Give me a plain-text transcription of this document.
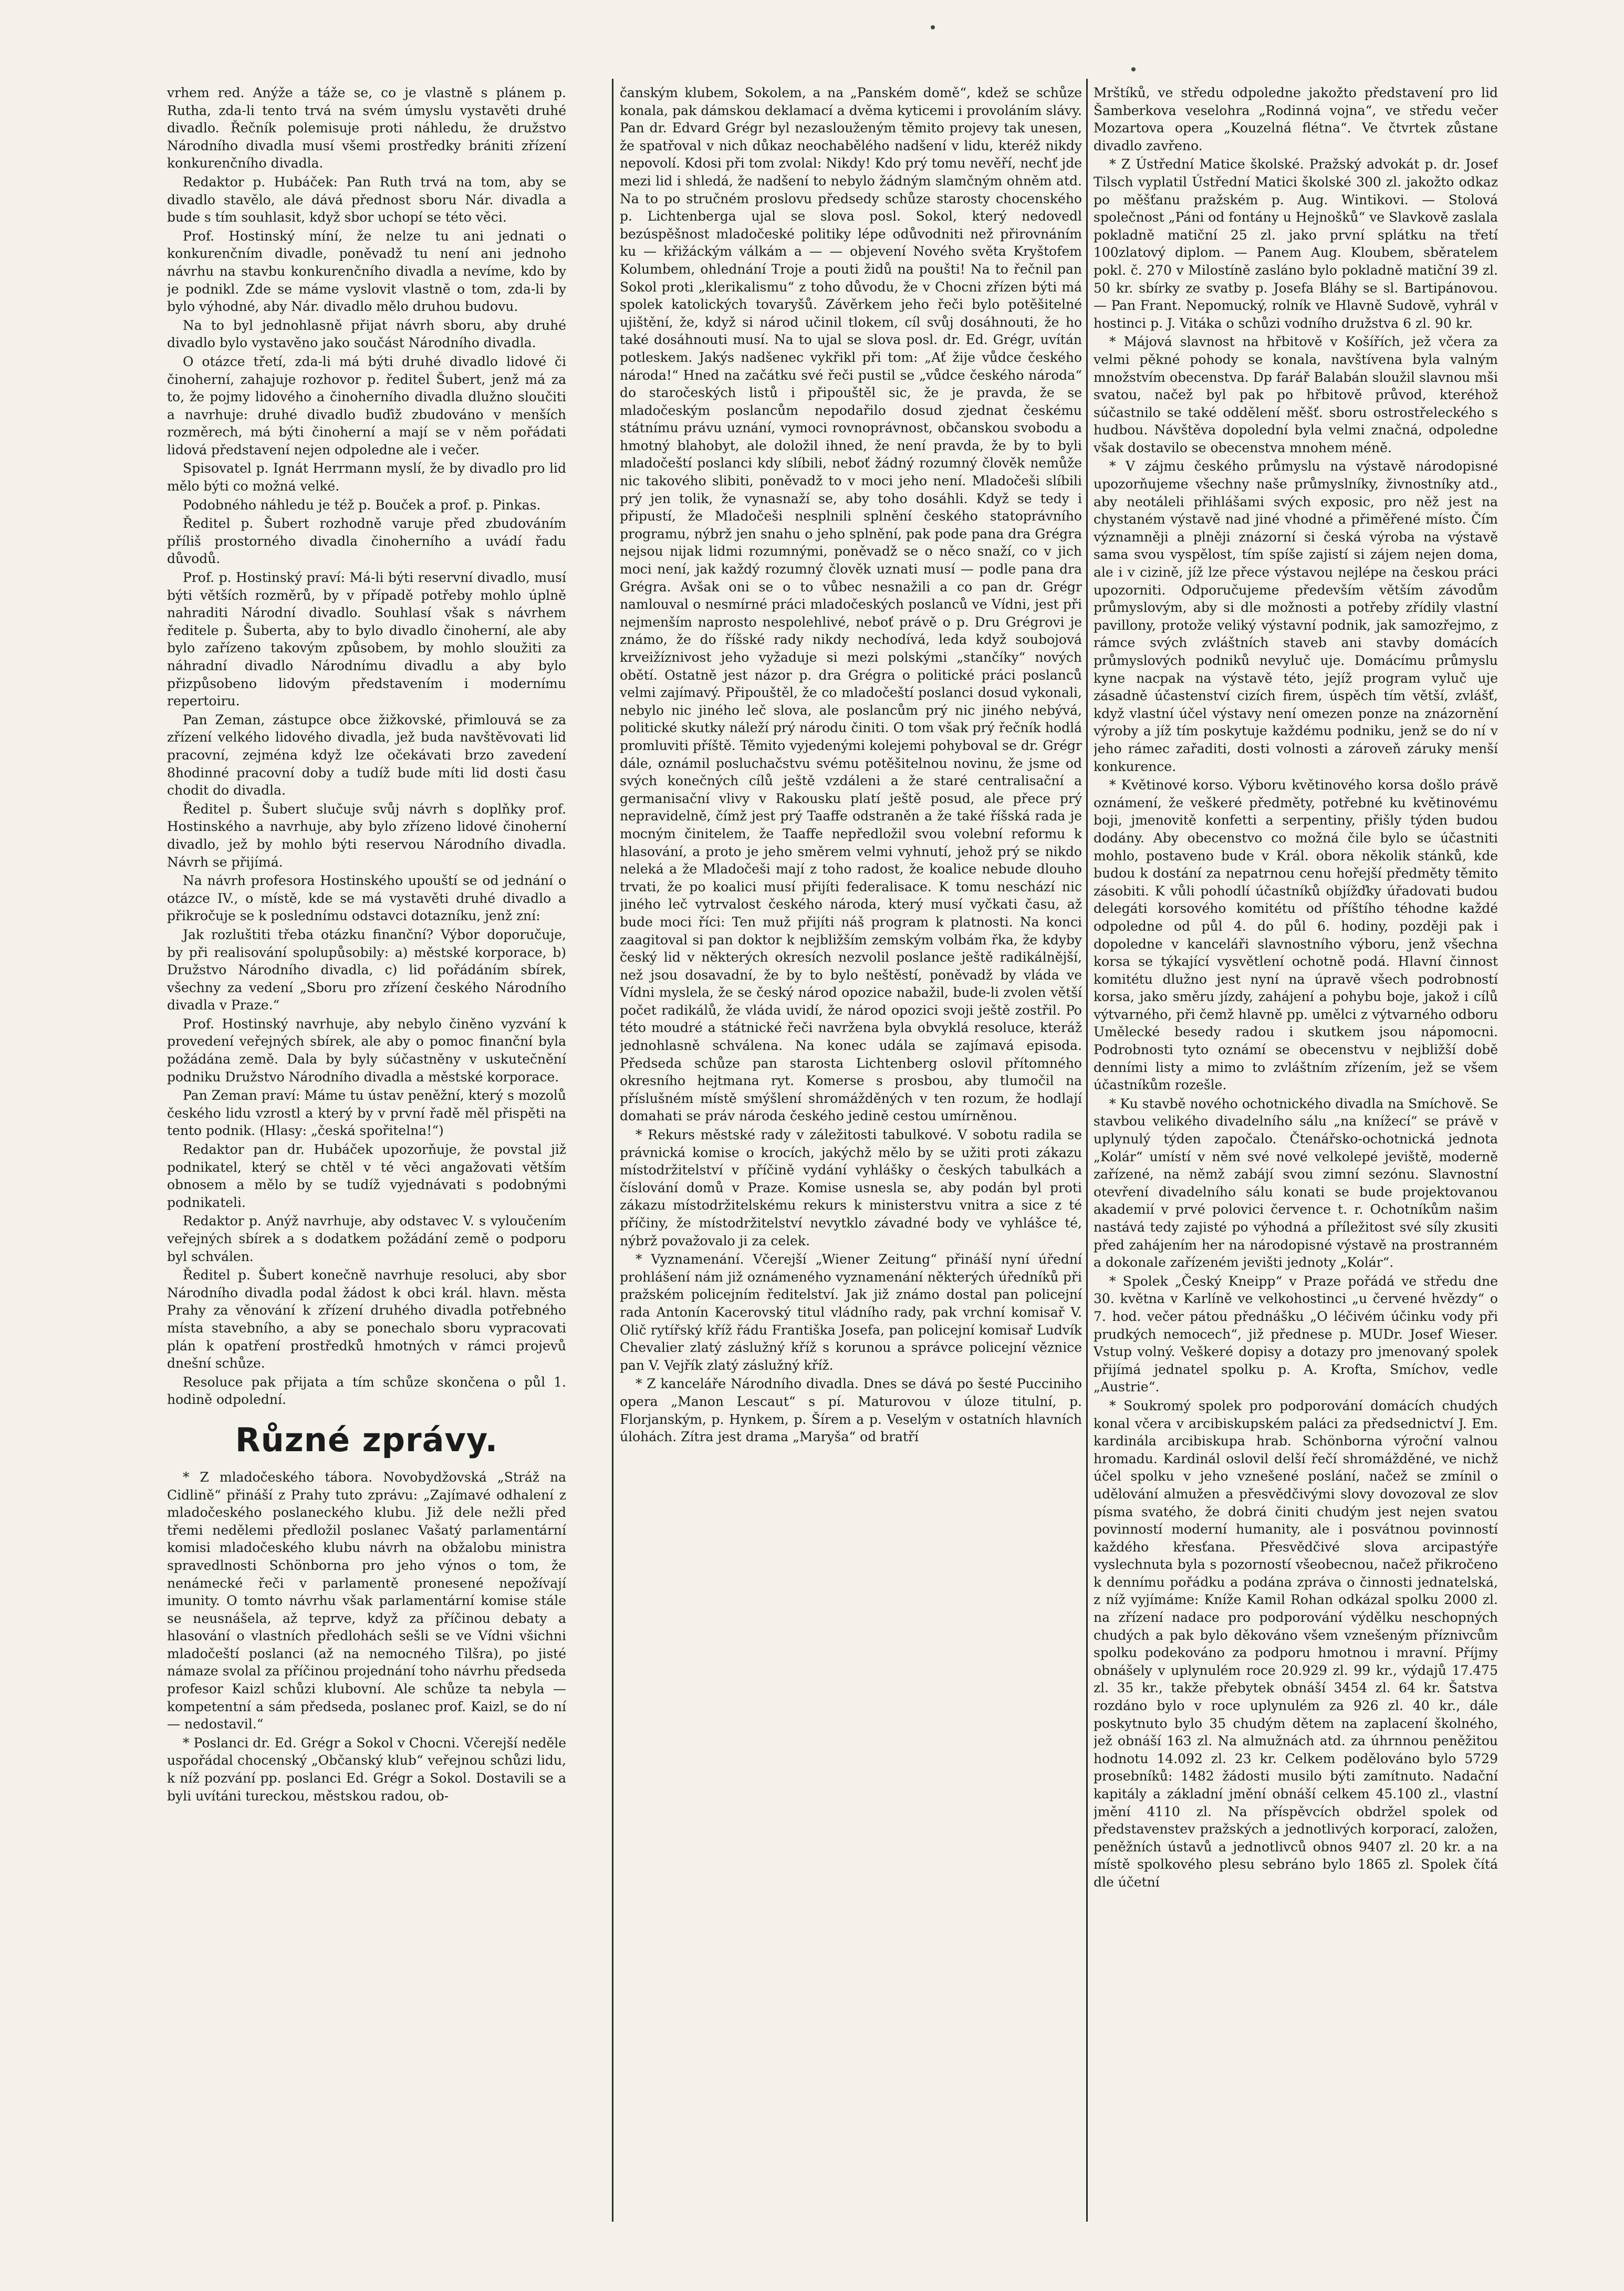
vrhem red. Anýže a táže se, co je vlastně s plánem p. Rutha, zda-li tento trvá na svém úmyslu vystavěti druhé divadlo. Řečník polemisuje proti náhledu, že družstvo Národního divadla musí všemi prostředky brániti zřízení konkurenčního divadla.

Redaktor p. Hubáček: Pan Ruth trvá na tom, aby se divadlo stavělo, ale dává přednost sboru Nár. divadla a bude s tím souhlasit, když sbor uchopí se této věci.

Prof. Hostinský míní, že nelze tu ani jednati o konkurenčním divadle, poněvadž tu není ani jednoho návrhu na stavbu konkurenčního divadla a nevíme, kdo by je podnikl. Zde se máme vyslovit vlastně o tom, zda-li by bylo výhodné, aby Nár. divadlo mělo druhou budovu.

Na to byl jednohlasně přijat návrh sboru, aby druhé divadlo bylo vystavěno jako součást Národního divadla.

O otázce třetí, zda-li má býti druhé divadlo lidové či činoherní, zahajuje rozhovor p. ředitel Šubert, jenž má za to, že pojmy lidového a činoherního divadla dlužno sloučiti a navrhuje: druhé divadlo buďiž zbudováno v menších rozměrech, má býti činoherní a mají se v něm pořádati lidová představení nejen odpoledne ale i večer.

Spisovatel p. Ignát Herrmann myslí, že by divadlo pro lid mělo býti co možná velké.

Podobného náhledu je též p. Bouček a prof. p. Pinkas.

Ředitel p. Šubert rozhodně varuje před zbudováním příliš prostorného divadla činoherního a uvádí řadu důvodů.

Prof. p. Hostinský praví: Má-li býti reservní divadlo, musí býti větších rozměrů, by v případě potřeby mohlo úplně nahraditi Národní divadlo. Souhlasí však s návrhem ředitele p. Šuberta, aby to bylo divadlo činoherní, ale aby bylo zařízeno takovým způsobem, by mohlo sloužiti za náhradní divadlo Národnímu divadlu a aby bylo přizpůsobeno lidovým představením i modernímu repertoiru.

Pan Zeman, zástupce obce žižkovské, přimlouvá se za zřízení velkého lidového divadla, jež buda navštěvovati lid pracovní, zejména když lze očekávati brzo zavedení 8hodinné pracovní doby a tudíž bude míti lid dosti času chodit do divadla.

Ředitel p. Šubert slučuje svůj návrh s doplňky prof. Hostinského a navrhuje, aby bylo zřízeno lidové činoherní divadlo, jež by mohlo býti reservou Národního divadla. Návrh se přijímá.

Na návrh profesora Hostinského upouští se od jednání o otázce IV., o místě, kde se má vystavěti druhé divadlo a přikročuje se k poslednímu odstavci dotazníku, jenž zní:

Jak rozluštiti třeba otázku finanční? Výbor doporučuje, by při realisování spolupůsobily: a) městské korporace, b) Družstvo Národního divadla, c) lid pořádáním sbírek, všechny za vedení „Sboru pro zřízení českého Národního divadla v Praze.“

Prof. Hostinský navrhuje, aby nebylo činěno vyzvání k provedení veřejných sbírek, ale aby o pomoc finanční byla požádána země. Dala by byly súčastněny v uskutečnění podniku Družstvo Národního divadla a městské korporace.

Pan Zeman praví: Máme tu ústav peněžní, který s mozolů českého lidu vzrostl a který by v první řadě měl přispěti na tento podnik. (Hlasy: „česká spořitelna!“)

Redaktor pan dr. Hubáček upozorňuje, že povstal již podnikatel, který se chtěl v té věci angažovati větším obnosem a mělo by se tudíž vyjednávati s podobnými podnikateli.

Redaktor p. Anýž navrhuje, aby odstavec V. s vyloučením veřejných sbírek a s dodatkem požádání země o podporu byl schválen.

Ředitel p. Šubert konečně navrhuje resoluci, aby sbor Národního divadla podal žádost k obci král. hlavn. města Prahy za věnování k zřízení druhého divadla potřebného místa stavebního, a aby se ponechalo sboru vypracovati plán k opatření prostředků hmotných v rámci projevů dnešní schůze.

Resoluce pak přijata a tím schůze skončena o půl 1. hodině odpolední.

Různé zprávy.

* Z mladočeského tábora. Novobydžovská „Stráž na Cidlině“ přináší z Prahy tuto zprávu: „Zajímavé odhalení z mladočeského poslaneckého klubu. Již dele nežli před třemi nedělemi předložil poslanec Vašatý parlamentární komisi mladočeského klubu návrh na obžalobu ministra spravedlnosti Schönborna pro jeho výnos o tom, že nenámecké řeči v parlamentě pronesené nepožívají imunity. O tomto návrhu však parlamentární komise stále se neusnášela, až teprve, když za příčinou debaty a hlasování o vlastních předlohách sešli se ve Vídni všichni mladočeští poslanci (až na nemocného Tilšra), po jisté námaze svolal za příčinou projednání toho návrhu předseda profesor Kaizl schůzi klubovní. Ale schůze ta nebyla — kompetentní a sám předseda, poslanec prof. Kaizl, se do ní — nedostavil.“

* Poslanci dr. Ed. Grégr a Sokol v Chocni. Včerejší neděle uspořádal chocenský „Občanský klub“ veřejnou schůzi lidu, k níž pozvání pp. poslanci Ed. Grégr a Sokol. Dostavili se a byli uvítáni tureckou, městskou radou, ob-

čanským klubem, Sokolem, a na „Panském domě“, kdež se schůze konala, pak dámskou deklamací a dvěma kyticemi i provoláním slávy. Pan dr. Edvard Grégr byl nezaslouženým těmito projevy tak unesen, že spatřoval v nich důkaz neochabělého nadšení v lidu, kteréž nikdy nepovolí. Kdosi při tom zvolal: Nikdy! Kdo prý tomu nevěří, nechť jde mezi lid i shledá, že nadšení to nebylo žádným slamčným ohněm atd. Na to po stručném proslovu předsedy schůze starosty chocenského p. Lichtenberga ujal se slova posl. Sokol, který nedovedl bezúspěšnost mladočeské politiky lépe odůvodniti než přirovnáním ku — křižáckým válkám a — — objevení Nového světa Kryštofem Kolumbem, ohlednání Troje a pouti židů na poušti! Na to řečnil pan Sokol proti „klerikalismu“ z toho důvodu, že v Chocni zřízen býti má spolek katolických tovaryšů. Závěrkem jeho řeči bylo potěšitelné ujištění, že, když si národ učinil tlokem, cíl svůj dosáhnouti, že ho také dosáhnouti musí. Na to ujal se slova posl. dr. Ed. Grégr, uvítán potleskem. Jakýs nadšenec vykřikl při tom: „Ať žije vůdce českého národa!“ Hned na začátku své řeči pustil se „vůdce českého národa“ do staročeských listů i připouštěl sic, že je pravda, že se mladočeským poslancům nepodařilo dosud zjednat českému státnímu právu uznání, vymoci rovnoprávnost, občanskou svobodu a hmotný blahobyt, ale doložil ihned, že není pravda, že by to byli mladočeští poslanci kdy slíbili, neboť žádný rozumný člověk nemůže nic takového slibiti, poněvadž to v moci jeho není. Mladočeši slíbili prý jen tolik, že vynasnaží se, aby toho dosáhli. Když se tedy i připustí, že Mladočeši nesplnili splnění českého statoprávního programu, nýbrž jen snahu o jeho splnění, pak pode pana dra Grégra nejsou nijak lidmi rozumnými, poněvadž se o něco snaží, co v jich moci není, jak každý rozumný člověk uznati musí — podle pana dra Grégra. Avšak oni se o to vůbec nesnažili a co pan dr. Grégr namlouval o nesmírné práci mladočeských poslanců ve Vídni, jest při nejmenším naprosto nespolehlivé, neboť právě o p. Dru Grégrovi je známo, že do říšské rady nikdy nechodívá, leda když soubojová krveižíznivost jeho vyžaduje si mezi polskými „stančíky“ nových obětí. Ostatně jest názor p. dra Grégra o politické práci poslanců velmi zajímavý. Připouštěl, že co mladočeští poslanci dosud vykonali, nebylo nic jiného leč slova, ale poslancům prý nic jiného nebývá, politické skutky náleží prý národu činiti. O tom však prý řečník hodlá promluviti příště. Těmito vyjedenými kolejemi pohyboval se dr. Grégr dále, oznámil posluchačstvu svému potěšitelnou novinu, že jsme od svých konečných cílů ještě vzdáleni a že staré centralisační a germanisační vlivy v Rakousku platí ještě posud, ale přece prý nepravidelně, čímž jest prý Taaffe odstraněn a že také říšská rada je mocným činitelem, že Taaffe nepředložil svou volební reformu k hlasování, a proto je jeho směrem velmi vyhnutí, jehož prý se nikdo neleká a že Mladočeši mají z toho radost, že koalice nebude dlouho trvati, že po koalici musí přijíti federalisace. K tomu neschází nic jiného leč vytrvalost českého národa, který musí vyčkati času, až bude moci říci: Ten muž přijíti náš program k platnosti. Na konci zaagitoval si pan doktor k nejbližším zemským volbám řka, že kdyby český lid v některých okresích nezvolil poslance ještě radikálnější, než jsou dosavadní, že by to bylo neštěstí, poněvadž by vláda ve Vídni myslela, že se český národ opozice nabažil, bude-li zvolen větší počet radikálů, že vláda uvidí, že národ opozici svoji ještě zostřil. Po této moudré a státnické řeči navržena byla obvyklá resoluce, kteráž jednohlasně schválena. Na konec udála se zajímavá episoda. Předseda schůze pan starosta Lichtenberg oslovil přítomného okresního hejtmana ryt. Komerse s prosbou, aby tlumočil na příslušném místě smýšlení shromážděných v ten rozum, že hodlají domahati se práv národa českého jedině cestou umírněnou.

* Rekurs městské rady v záležitosti tabulkové. V sobotu radila se právnická komise o krocích, jakýchž mělo by se užiti proti zákazu místodržitelství v příčině vydání vyhlášky o českých tabulkách a číslování domů v Praze. Komise usnesla se, aby podán byl proti zákazu místodržitelskému rekurs k ministerstvu vnitra a sice z té příčiny, že místodržitelství nevytklo závadné body ve vyhlášce té, nýbrž považovalo ji za celek.

* Vyznamenání. Včerejší „Wiener Zeitung“ přináší nyní úřední prohlášení nám již oznámeného vyznamenání některých úředníků při pražském policejním ředitelství. Jak již známo dostal pan policejní rada Antonín Kacerovský titul vládního rady, pak vrchní komisař V. Olič rytířský kříž řádu Františka Josefa, pan policejní komisař Ludvík Chevalier zlatý záslužný kříž s korunou a správce policejní věznice pan V. Vejřík zlatý záslužný kříž.

* Z kanceláře Národního divadla. Dnes se dává po šesté Pucciniho opera „Manon Lescaut“ s pí. Maturovou v úloze titulní, p. Florjanským, p. Hynkem, p. Šírem a p. Veselým v ostatních hlavních úlohách. Zítra jest drama „Maryša“ od bratří

Mrštíků, ve středu odpoledne jakožto představení pro lid Šamberkova veselohra „Rodinná vojna“, ve středu večer Mozartova opera „Kouzelná flétna“. Ve čtvrtek zůstane divadlo zavřeno.

* Z Ústřední Matice školské. Pražský advokát p. dr. Josef Tilsch vyplatil Ústřední Matici školské 300 zl. jakožto odkaz po měšťanu pražském p. Aug. Wintikovi. — Stolová společnost „Páni od fontány u Hejnošků“ ve Slavkově zaslala pokladně matiční 25 zl. jako první splátku na třetí 100zlatový diplom. — Panem Aug. Kloubem, sběratelem pokl. č. 270 v Milostíně zasláno bylo pokladně matiční 39 zl. 50 kr. sbírky ze svatby p. Josefa Bláhy se sl. Bartipánovou. — Pan Frant. Nepomucký, rolník ve Hlavně Sudově, vyhrál v hostinci p. J. Vitáka o schůzi vodního družstva 6 zl. 90 kr.

* Májová slavnost na hřbitově v Košířích, jež včera za velmi pěkné pohody se konala, navštívena byla valným množstvím obecenstva. Dp farář Balabán sloužil slavnou mši svatou, načež byl pak po hřbitově průvod, kteréhož súčastnilo se také oddělení měšť. sboru ostrostřeleckého s hudbou. Návštěva dopolední byla velmi značná, odpoledne však dostavilo se obecenstva mnohem méně.

* V zájmu českého průmyslu na výstavě národopisné upozorňujeme všechny naše průmyslníky, živnostníky atd., aby neotáleli přihlášami svých exposic, pro něž jest na chystaném výstavě nad jiné vhodné a přiměřené místo. Čím významněji a plněji znázorní si česká výroba na výstavě sama svou vyspělost, tím spíše zajistí si zájem nejen doma, ale i v cizině, jíž lze přece výstavou nejlépe na českou práci upozorniti. Odporučujeme především větším závodům průmyslovým, aby si dle možnosti a potřeby zřídily vlastní pavillony, protože veliký výstavní podnik, jak samozřejmo, z rámce svých zvláštních staveb ani stavby domácích průmyslových podniků nevyluč uje. Domácímu průmyslu kyne nacpak na výstavě této, jejíž program vyluč uje zásadně účastenství cizích firem, úspěch tím větší, zvlášť, když vlastní účel výstavy není omezen ponze na znázornění výroby a jíž tím poskytuje každému podniku, jenž se do ní v jeho rámec zařaditi, dosti volnosti a zároveň záruky menší konkurence.

* Květinové korso. Výboru květinového korsa došlo právě oznámení, že veškeré předměty, potřebné ku květinovému boji, jmenovitě konfetti a serpentiny, přišly týden budou dodány. Aby obecenstvo co možná čile bylo se účastniti mohlo, postaveno bude v Král. obora několik stánků, kde budou k dostání za nepatrnou cenu hořejší předměty těmito zásobiti. K vůli pohodlí účastníků objížďky úřadovati budou delegáti korsového komitétu od příštího téhodne každé odpoledne od půl 4. do půl 6. hodiny, později pak i dopoledne v kanceláři slavnostního výboru, jenž všechna korsa se týkající vysvětlení ochotně podá. Hlavní činnost komitétu dlužno jest nyní na úpravě všech podrobností korsa, jako směru jízdy, zahájení a pohybu boje, jakož i cílů výtvarného, při čemž hlavně pp. umělci z výtvarného odboru Umělecké besedy radou i skutkem jsou nápomocni. Podrobnosti tyto oznámí se obecenstvu v nejbližší době denními listy a mimo to zvláštním zřízením, jež se všem účastníkům rozešle.

* Ku stavbě nového ochotnického divadla na Smíchově. Se stavbou velikého divadelního sálu „na knížecí“ se právě v uplynulý týden započalo. Čtenářsko-ochotnická jednota „Kolár“ umístí v něm své nové velkolepé jeviště, moderně zařízené, na němž zabájí svou zimní sezónu. Slavnostní otevření divadelního sálu konati se bude projektovanou akademií v prvé polovici července t. r. Ochotníkům našim nastává tedy zajisté po výhodná a příležitost své síly zkusiti před zahájením her na národopisné výstavě na prostranném a dokonale zařízeném jevišti jednoty „Kolár“.

* Spolek „Český Kneipp“ v Praze pořádá ve středu dne 30. května v Karlíně ve velkohostinci „u červené hvězdy“ o 7. hod. večer pátou přednášku „O léčivém účinku vody při prudkých nemocech“, již přednese p. MUDr. Josef Wieser. Vstup volný. Veškeré dopisy a dotazy pro jmenovaný spolek přijímá jednatel spolku p. A. Krofta, Smíchov, vedle „Austrie“.

* Soukromý spolek pro podporování domácích chudých konal včera v arcibiskupském paláci za předsednictví J. Em. kardinála arcibiskupa hrab. Schönborna výroční valnou hromadu. Kardinál oslovil delší řečí shromážděné, ve nichž účel spolku v jeho vznešené poslání, načež se zmínil o udělování almužen a přesvědčivými slovy dovozoval ze slov písma svatého, že dobrá činiti chudým jest nejen svatou povinností moderní humanity, ale i posvátnou povinností každého křesťana. Přesvědčivé slova arcipastýře vyslechnuta byla s pozorností všeobecnou, načež přikročeno k dennímu pořádku a podána zpráva o činnosti jednatelská, z níž vyjímáme: Kníže Kamil Rohan odkázal spolku 2000 zl. na zřízení nadace pro podporování výdělku neschopných chudých a pak bylo děkováno všem vznešeným příznivcům spolku podekováno za podporu hmotnou i mravní. Příjmy obnášely v uplynulém roce 20.929 zl. 99 kr., výdajů 17.475 zl. 35 kr., takže přebytek obnáší 3454 zl. 64 kr. Šatstva rozdáno bylo v roce uplynulém za 926 zl. 40 kr., dále poskytnuto bylo 35 chudým dětem na zaplacení školného, jež obnáší 163 zl. Na almužnách atd. za úhrnnou peněžitou hodnotu 14.092 zl. 23 kr. Celkem podělováno bylo 5729 prosebníků: 1482 žádosti musilo býti zamítnuto. Nadační kapitály a základní jmění obnáší celkem 45.100 zl., vlastní jmění 4110 zl. Na příspěvcích obdržel spolek od představenstev pražských a jednotlivých korporací, založen, peněžních ústavů a jednotlivců obnos 9407 zl. 20 kr. a na místě spolkového plesu sebráno bylo 1865 zl. Spolek čítá dle účetní
